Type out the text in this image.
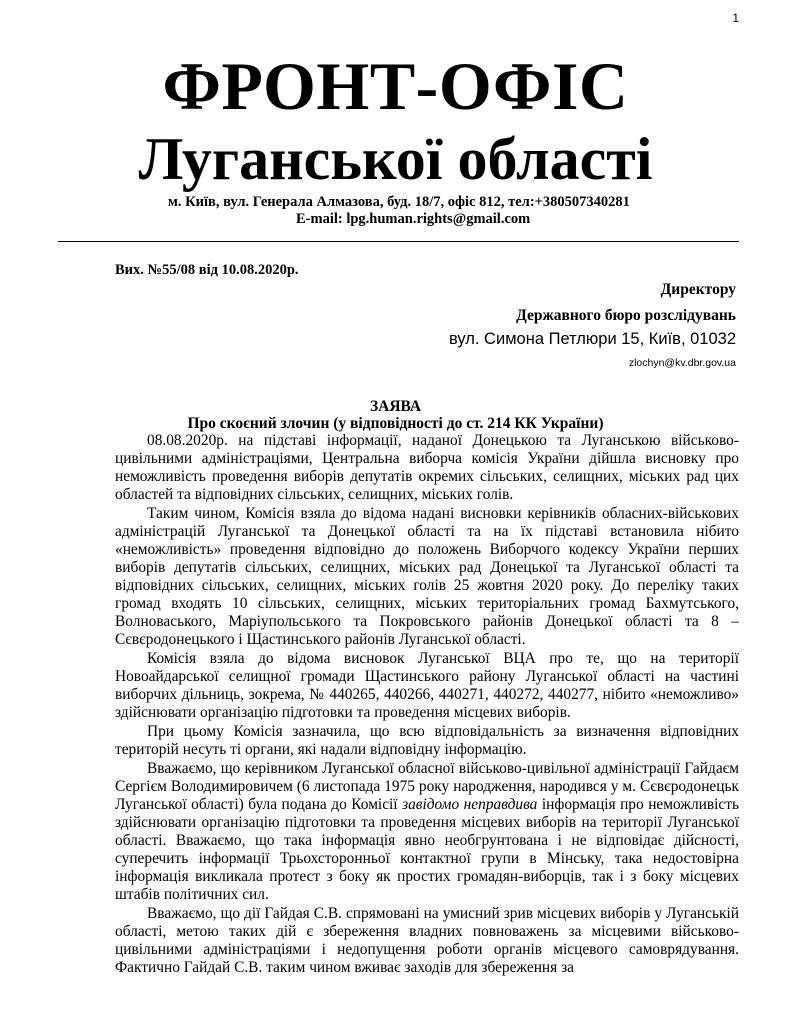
1
ФРОНТ-ОФІС
Луганської області
м. Київ, вул. Генерала Алмазова, буд. 18/7, офіс 812, тел:+380507340281
E-mail: lpg.human.rights@gmail.com
Вих. №55/08 від 10.08.2020р.
Директору
Державного бюро розслідувань
вул. Симона Петлюри 15, Київ, 01032
zlochyn@kv.dbr.gov.ua
ЗАЯВА
Про скоєний злочин (у відповідності до ст. 214 КК України)

08.08.2020р. на підставі інформації, наданої Донецькою та Луганською військово-цивільними адміністраціями, Центральна виборча комісія України дійшла висновку про неможливість проведення виборів депутатів окремих сільських, селищних, міських рад цих областей та відповідних сільських, селищних, міських голів.

Таким чином, Комісія взяла до відома надані висновки керівників обласних-військових адміністрацій Луганської та Донецької області та на їх підставі встановила нібито «неможливість» проведення відповідно до положень Виборчого кодексу України перших виборів депутатів сільських, селищних, міських рад Донецької та Луганської області та відповідних сільських, селищних, міських голів 25 жовтня 2020 року. До переліку таких громад входять 10 сільських, селищних, міських територіальних громад Бахмутського, Волноваського, Маріупольського та Покровського районів Донецької області та 8 – Сєвєродонецького і Щастинського районів Луганської області.

Комісія взяла до відома висновок Луганської ВЦА про те, що на території Новоайдарської селищної громади Щастинського району Луганської області на частині виборчих дільниць, зокрема, № 440265, 440266, 440271, 440272, 440277, нібито «неможливо» здійснювати організацію підготовки та проведення місцевих виборів.

При цьому Комісія зазначила, що всю відповідальність за визначення відповідних територій несуть ті органи, які надали відповідну інформацію.

Вважаємо, що керівником Луганської обласної військово-цивільної адміністрації Гайдаєм Сергієм Володимировичем (6 листопада 1975 року народження, народився у м. Сєвєродонецьк Луганської області) була подана до Комісії завідомо неправдива інформація про неможливість здійснювати організацію підготовки та проведення місцевих виборів на території Луганської області. Вважаємо, що така інформація явно необгрунтована і не відповідає дійсності, суперечить інформації Трьохсторонньої контактної групи в Мінську, така недостовірна інформація викликала протест з боку як простих громадян-виборців, так і з боку місцевих штабів політичних сил.

Вважаємо, що дії Гайдая С.В. спрямовані на умисний зрив місцевих виборів у Луганській області, метою таких дій є збереження владних повноважень за місцевими військово-цивільними адміністраціями і недопущення роботи органів місцевого самоврядування. Фактично Гайдай С.В. таким чином вживає заходів для збереження за
